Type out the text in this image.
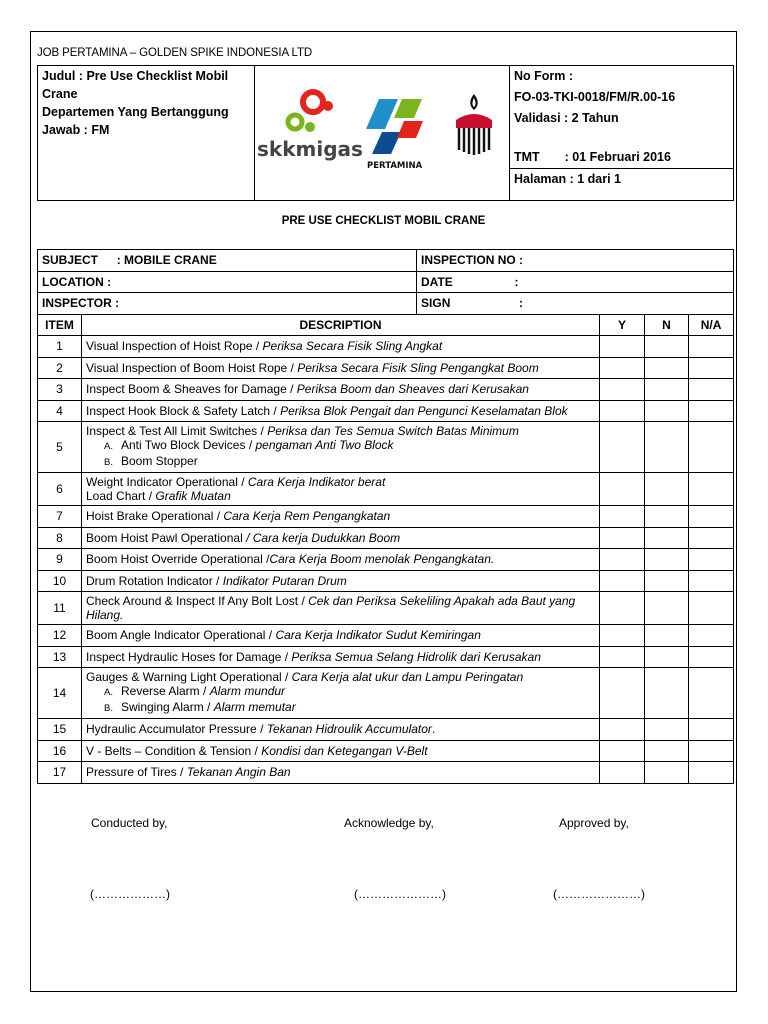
JOB PERTAMINA – GOLDEN SPIKE INDONESIA LTD
Judul : Pre Use Checklist Mobil
Crane
Departemen Yang Bertanggung
Jawab : FM

skkmigas
PERTAMINA

No Form :
FO-03-TKI-0018/FM/R.00-16
Validasi : 2 Tahun
TMT : 01 Februari 2016
Halaman : 1 dari 1
PRE USE CHECKLIST MOBIL CRANE
SUBJECT : MOBILE CRANE		INSPECTION NO :			
LOCATION :		DATE :			
INSPECTOR :		SIGN :			
ITEM	DESCRIPTION		Y	N	N/A
1	Visual Inspection of Hoist Rope / Periksa Secara Fisik Sling Angkat				

2	Visual Inspection of Boom Hoist Rope / Periksa Secara Fisik Sling Pengangkat Boom				

3	Inspect Boom & Sheaves for Damage / Periksa Boom dan Sheaves dari Kerusakan				

4	Inspect Hook Block & Safety Latch / Periksa Blok Pengait dan Pengunci Keselamatan Blok				

5	Inspect & Test All Limit Switches / Periksa dan Tes Semua Switch Batas Minimum
A. Anti Two Block Devices / pengaman Anti Two Block
B. Boom Stopper				

6	Weight Indicator Operational / Cara Kerja Indikator berat
Load Chart / Grafik Muatan				

7	Hoist Brake Operational / Cara Kerja Rem Pengangkatan				

8	Boom Hoist Pawl Operational / Cara kerja Dudukkan Boom				

9	Boom Hoist Override Operational /Cara Kerja Boom menolak Pengangkatan.				

10	Drum Rotation Indicator / Indikator Putaran Drum				

11	Check Around & Inspect If Any Bolt Lost / Cek dan Periksa Sekeliling Apakah ada Baut yang
Hilang.				

12	Boom Angle Indicator Operational / Cara Kerja Indikator Sudut Kemiringan				

13	Inspect Hydraulic Hoses for Damage / Periksa Semua Selang Hidrolik dari Kerusakan				

14	Gauges & Warning Light Operational / Cara Kerja alat ukur dan Lampu Peringatan
A. Reverse Alarm / Alarm mundur
B. Swinging Alarm / Alarm memutar				

15	Hydraulic Accumulator Pressure / Tekanan Hidroulik Accumulator.				

16	V - Belts – Condition & Tension / Kondisi dan Ketegangan V-Belt				

17	Pressure of Tires / Tekanan Angin Ban				

Conducted by,	Acknowledge by,	Approved by,
(………………)	(…………………)	(…………………)
